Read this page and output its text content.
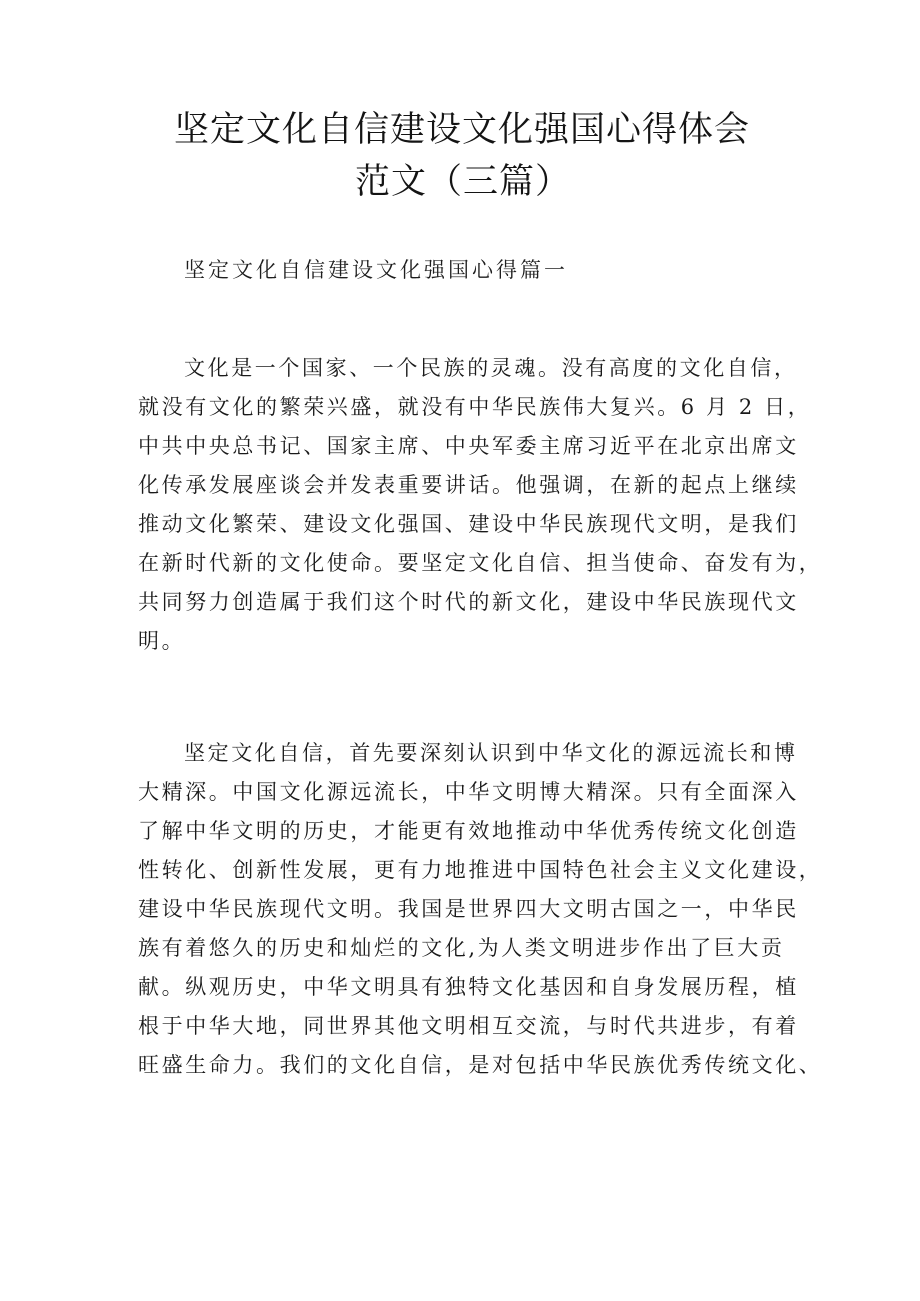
坚定文化自信建设文化强国心得体会
范文（三篇）
坚定文化自信建设文化强国心得篇一
文化是一个国家、一个民族的灵魂。没有高度的文化自信，
就没有文化的繁荣兴盛，就没有中华民族伟大复兴。6 月 2 日，
中共中央总书记、国家主席、中央军委主席习近平在北京出席文
化传承发展座谈会并发表重要讲话。他强调，在新的起点上继续
推动文化繁荣、建设文化强国、建设中华民族现代文明，是我们
在新时代新的文化使命。要坚定文化自信、担当使命、奋发有为，
共同努力创造属于我们这个时代的新文化，建设中华民族现代文
明。
坚定文化自信，首先要深刻认识到中华文化的源远流长和博
大精深。中国文化源远流长，中华文明博大精深。只有全面深入
了解中华文明的历史，才能更有效地推动中华优秀传统文化创造
性转化、创新性发展，更有力地推进中国特色社会主义文化建设，
建设中华民族现代文明。我国是世界四大文明古国之一，中华民
族有着悠久的历史和灿烂的文化,为人类文明进步作出了巨大贡
献。纵观历史，中华文明具有独特文化基因和自身发展历程，植
根于中华大地，同世界其他文明相互交流，与时代共进步，有着
旺盛生命力。我们的文化自信，是对包括中华民族优秀传统文化、
